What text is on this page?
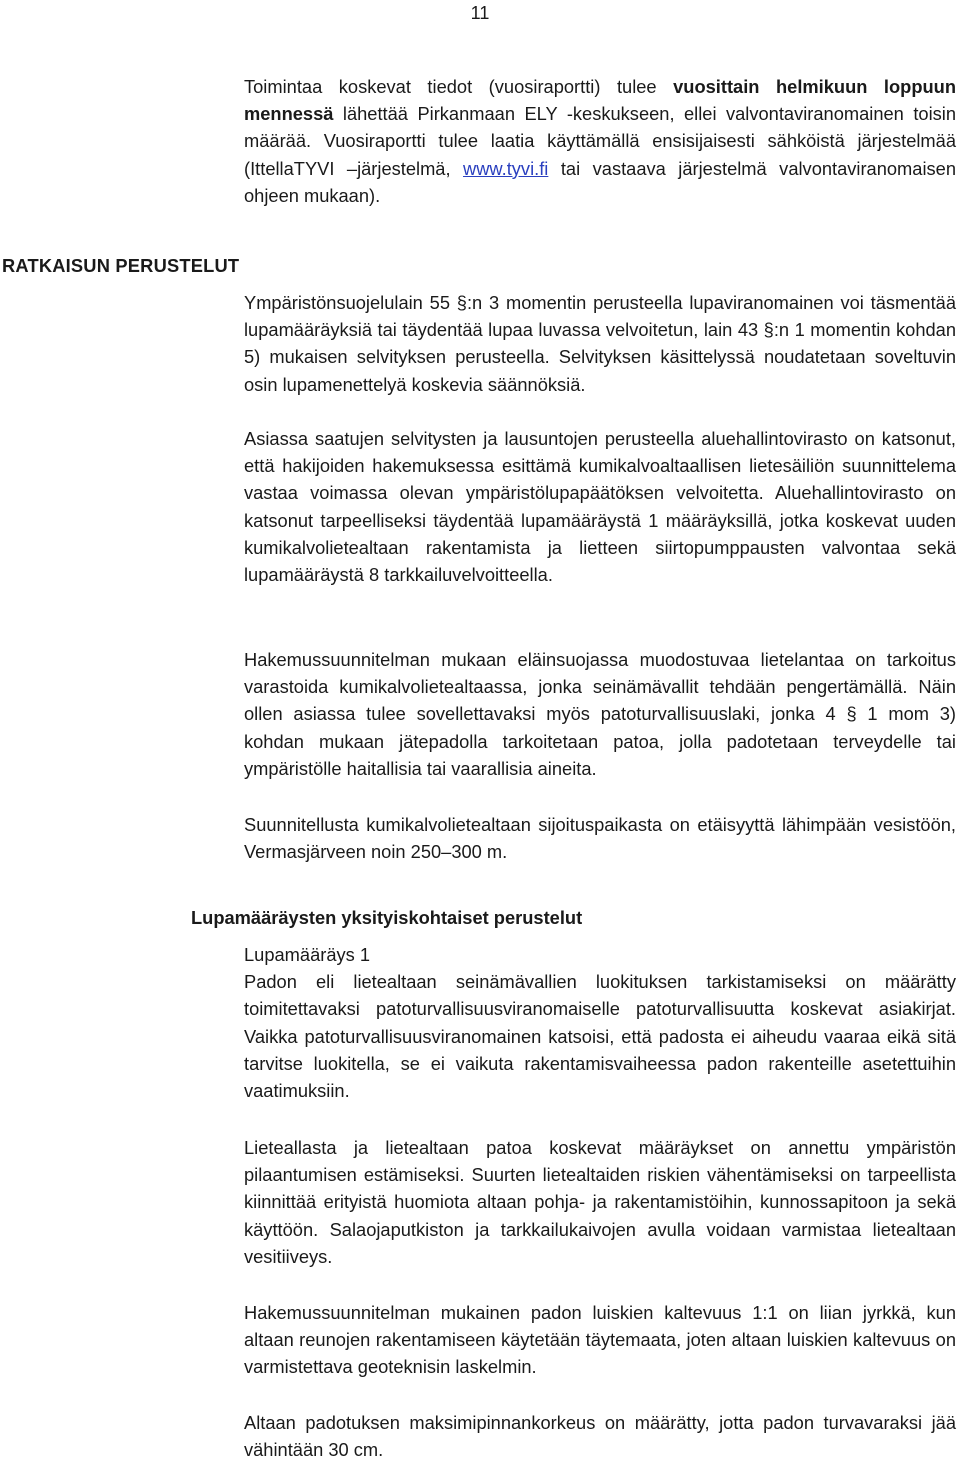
11

Toimintaa koskevat tiedot (vuosiraportti) tulee vuosittain helmikuun loppuun mennessä lähettää Pirkanmaan ELY -keskukseen, ellei valvontaviranomainen toisin määrää. Vuosiraportti tulee laatia käyttämällä ensisijaisesti sähköistä järjestelmää (IttellaTYVI –järjestelmä, www.tyvi.fi tai vastaava järjestelmä valvontaviranomaisen ohjeen mukaan).

RATKAISUN PERUSTELUT

Ympäristönsuojelulain 55 §:n 3 momentin perusteella lupaviranomainen voi täsmentää lupamääräyksiä tai täydentää lupaa luvassa velvoitetun, lain 43 §:n 1 momentin kohdan 5) mukaisen selvityksen perusteella. Selvityksen käsittelyssä noudatetaan soveltuvin osin lupamenettelyä koskevia säännöksiä.

Asiassa saatujen selvitysten ja lausuntojen perusteella aluehallintovirasto on katsonut, että hakijoiden hakemuksessa esittämä kumikalvoaltaallisen lietesäiliön suunnittelema vastaa voimassa olevan ympäristölupapäätöksen velvoitetta. Aluehallintovirasto on katsonut tarpeelliseksi täydentää lupamääräystä 1 määräyksillä, jotka koskevat uuden kumikalvolietealtaan rakentamista ja lietteen siirtopumppausten valvontaa sekä lupamääräystä 8 tarkkailuvelvoitteella.

Hakemussuunnitelman mukaan eläinsuojassa muodostuvaa lietelantaa on tarkoitus varastoida kumikalvolietealtaassa, jonka seinämävallit tehdään pengertämällä. Näin ollen asiassa tulee sovellettavaksi myös patoturvallisuuslaki, jonka 4 § 1 mom 3) kohdan mukaan jätepadolla tarkoitetaan patoa, jolla padotetaan terveydelle tai ympäristölle haitallisia tai vaarallisia aineita.

Suunnitellusta kumikalvolietealtaan sijoituspaikasta on etäisyyttä lähimpään vesistöön, Vermasjärveen noin 250–300 m.

Lupamääräysten yksityiskohtaiset perustelut

Lupamääräys 1

Padon eli lietealtaan seinämävallien luokituksen tarkistamiseksi on määrätty toimitettavaksi patoturvallisuusviranomaiselle patoturvallisuutta koskevat asiakirjat. Vaikka patoturvallisuusviranomainen katsoisi, että padosta ei aiheudu vaaraa eikä sitä tarvitse luokitella, se ei vaikuta rakentamisvaiheessa padon rakenteille asetettuihin vaatimuksiin.

Lieteallasta ja lietealtaan patoa koskevat määräykset on annettu ympäristön pilaantumisen estämiseksi. Suurten lietealtaiden riskien vähentämiseksi on tarpeellista kiinnittää erityistä huomiota altaan pohja- ja rakentamistöihin, kunnossapitoon ja sekä käyttöön. Salaojaputkiston ja tarkkailukaivojen avulla voidaan varmistaa lietealtaan vesitiiveys.

Hakemussuunnitelman mukainen padon luiskien kaltevuus 1:1 on liian jyrkkä, kun altaan reunojen rakentamiseen käytetään täytemaata, joten altaan luiskien kaltevuus on varmistettava geoteknisin laskelmin.

Altaan padotuksen maksimipinnankorkeus on määrätty, jotta padon turvavaraksi jää vähintään 30 cm.
